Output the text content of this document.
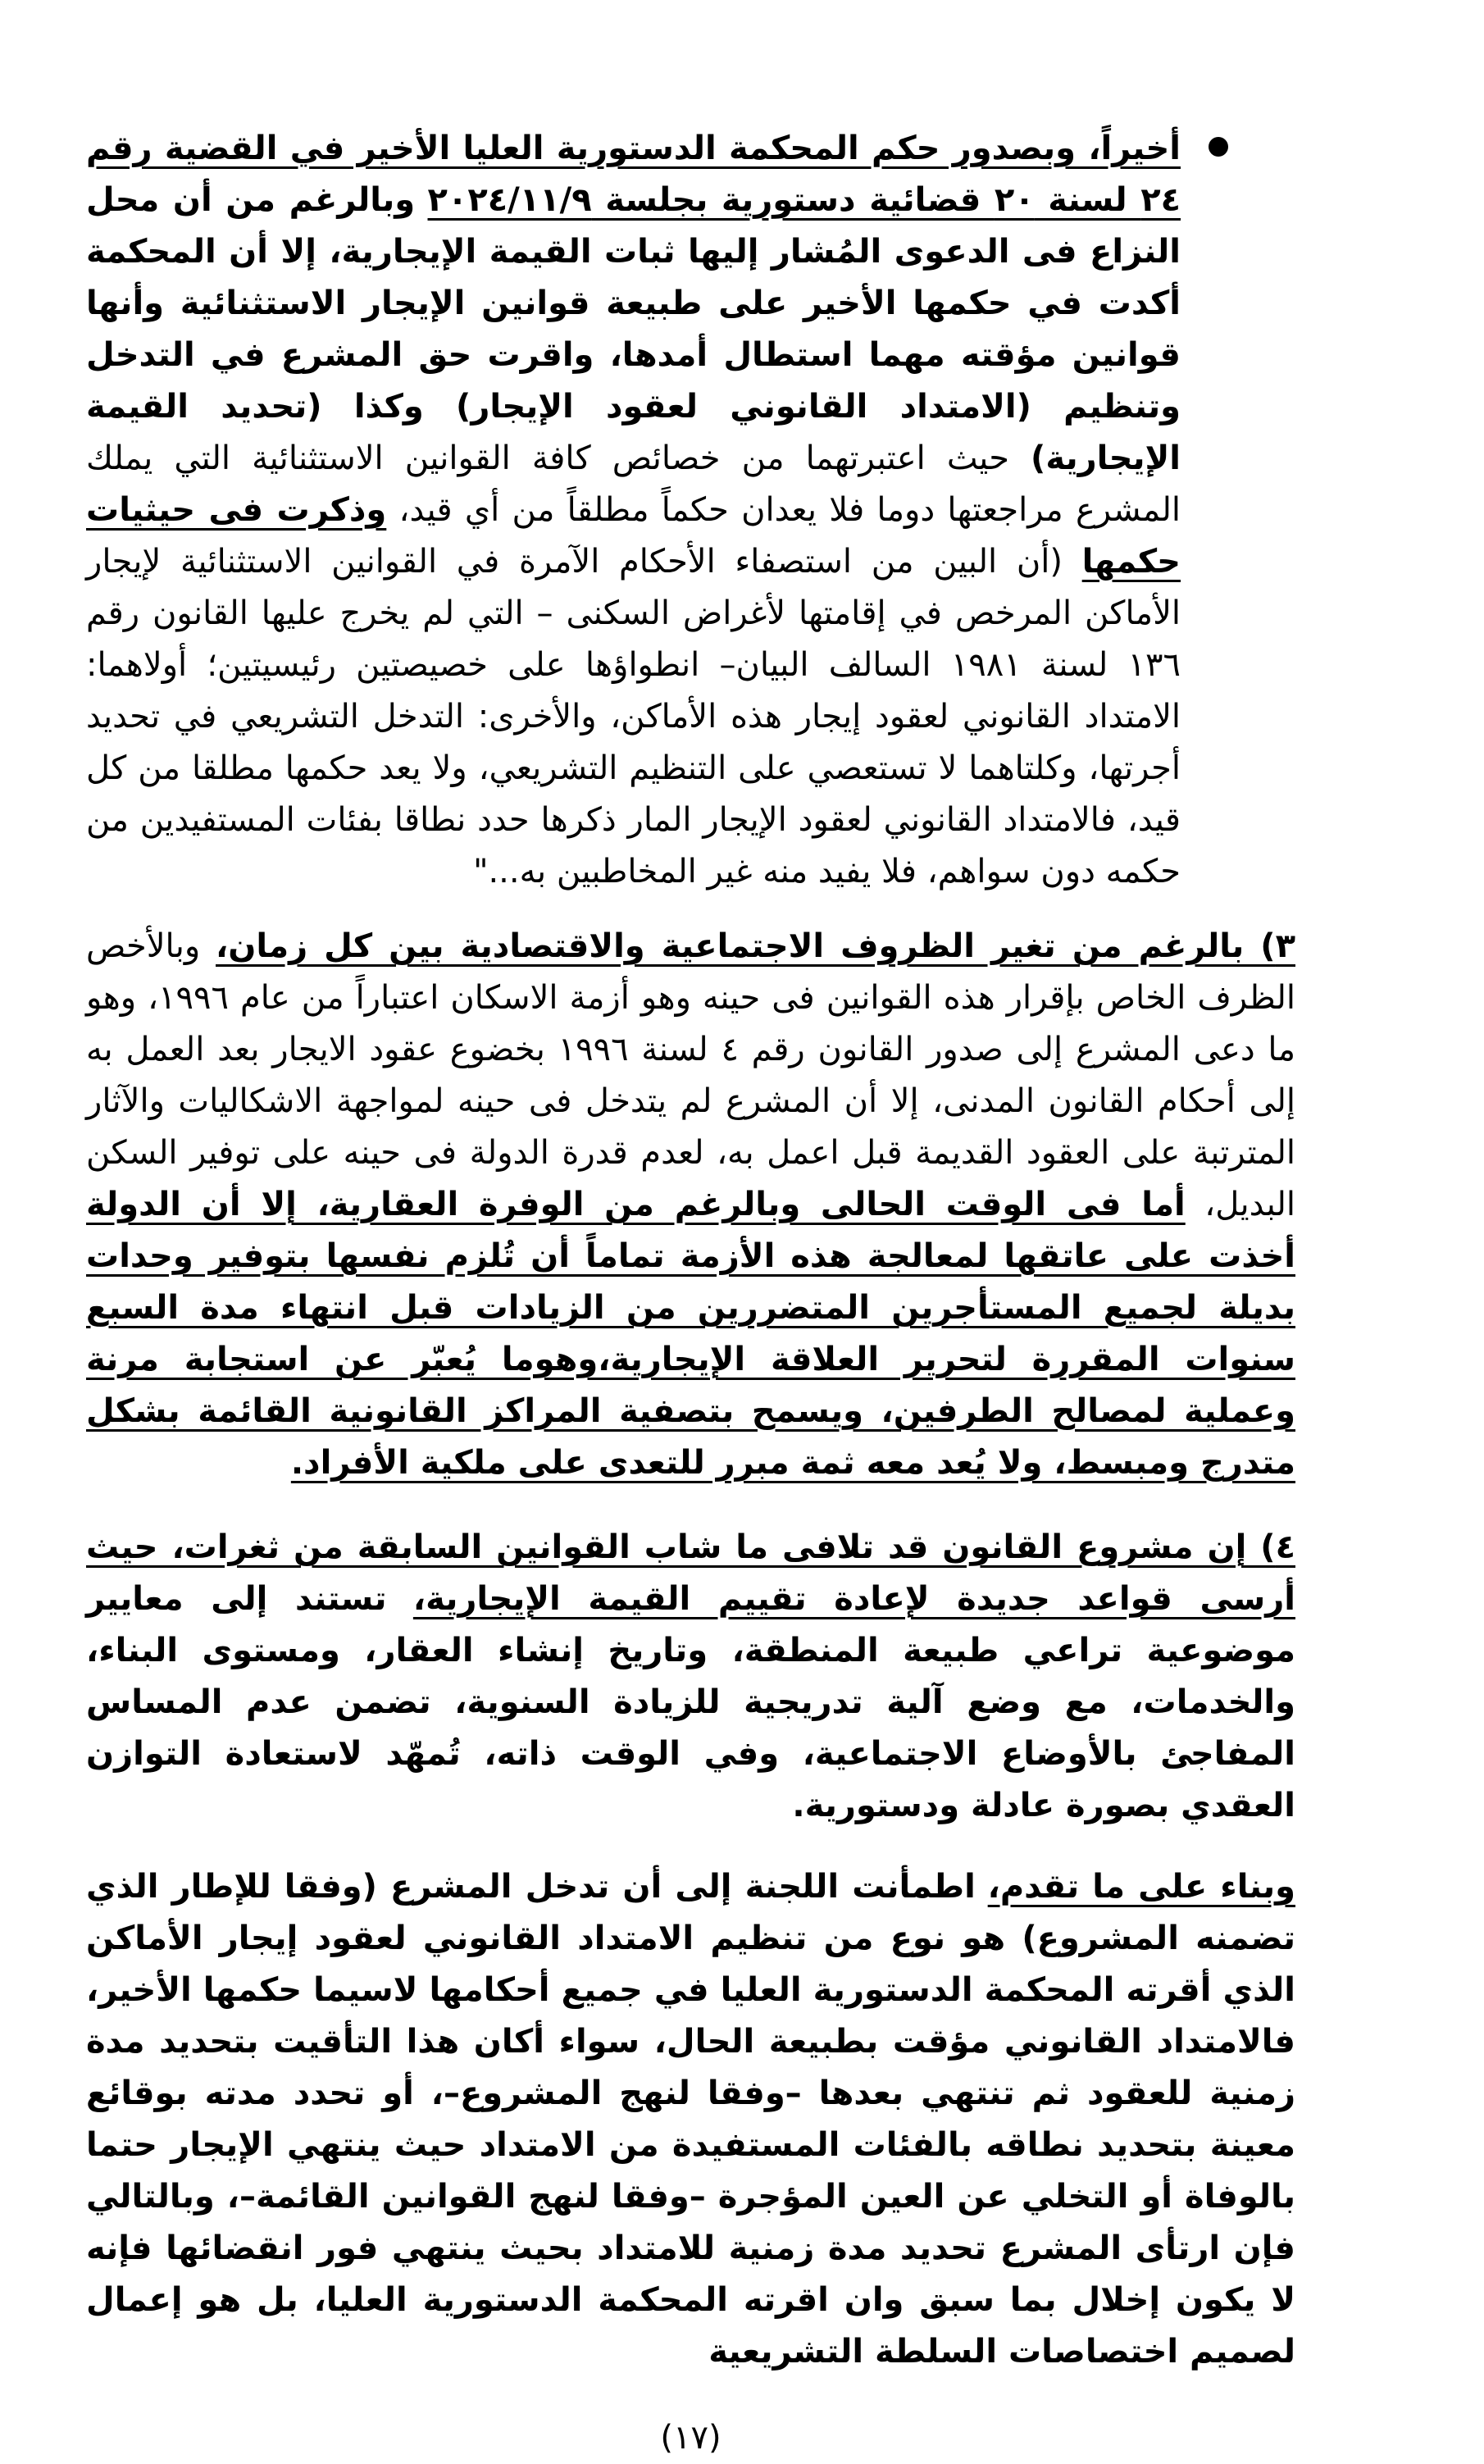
أخيراً، وبصدور حكم المحكمة الدستورية العليا الأخير في القضية رقم ٢٤ لسنة ٢٠ قضائية دستورية بجلسة ٢٠٢٤/١١/٩ وبالرغم من أن محل النزاع فى الدعوى المُشار إليها ثبات القيمة الإيجارية، إلا أن المحكمة أكدت في حكمها الأخير على طبيعة قوانين الإيجار الاستثنائية وأنها قوانين مؤقته مهما استطال أمدها، واقرت حق المشرع في التدخل وتنظيم (الامتداد القانوني لعقود الإيجار) وكذا (تحديد القيمة الإيجارية) حيث اعتبرتهما من خصائص كافة القوانين الاستثنائية التي يملك المشرع مراجعتها دوما فلا يعدان حكماً مطلقاً من أي قيد، وذكرت فى حيثيات حكمها (أن البين من استصفاء الأحكام الآمرة في القوانين الاستثنائية لإيجار الأماكن المرخص في إقامتها لأغراض السكنى – التي لم يخرج عليها القانون رقم ١٣٦ لسنة ١٩٨١ السالف البيان– انطواؤها على خصيصتين رئيسيتين؛ أولاهما: الامتداد القانوني لعقود إيجار هذه الأماكن، والأخرى: التدخل التشريعي في تحديد أجرتها، وكلتاهما لا تستعصي على التنظيم التشريعي، ولا يعد حكمها مطلقا من كل قيد، فالامتداد القانوني لعقود الإيجار المار ذكرها حدد نطاقا بفئات المستفيدين من حكمه دون سواهم، فلا يفيد منه غير المخاطبين به..."
٣) بالرغم من تغير الظروف الاجتماعية والاقتصادية بين كل زمان، وبالأخص الظرف الخاص بإقرار هذه القوانين فى حينه وهو أزمة الاسكان اعتباراً من عام ١٩٩٦، وهو ما دعى المشرع إلى صدور القانون رقم ٤ لسنة ١٩٩٦ بخضوع عقود الايجار بعد العمل به إلى أحكام القانون المدنى، إلا أن المشرع لم يتدخل فى حينه لمواجهة الاشكاليات والآثار المترتبة على العقود القديمة قبل اعمل به، لعدم قدرة الدولة فى حينه على توفير السكن البديل، أما فى الوقت الحالى وبالرغم من الوفرة العقارية، إلا أن الدولة أخذت على عاتقها لمعالجة هذه الأزمة تماماً أن تُلزم نفسها بتوفير وحدات بديلة لجميع المستأجرين المتضررين من الزيادات قبل انتهاء مدة السبع سنوات المقررة لتحرير العلاقة الإيجارية،وهوما يُعبّر عن استجابة مرنة وعملية لمصالح الطرفين، ويسمح بتصفية المراكز القانونية القائمة بشكل متدرج ومبسط، ولا يُعد معه ثمة مبرر للتعدى على ملكية الأفراد.
٤) إن مشروع القانون قد تلافى ما شاب القوانين السابقة من ثغرات، حيث أرسى قواعد جديدة لإعادة تقييم القيمة الإيجارية، تستند إلى معايير موضوعية تراعي طبيعة المنطقة، وتاريخ إنشاء العقار، ومستوى البناء، والخدمات، مع وضع آلية تدريجية للزيادة السنوية، تضمن عدم المساس المفاجئ بالأوضاع الاجتماعية، وفي الوقت ذاته، تُمهّد لاستعادة التوازن العقدي بصورة عادلة ودستورية.
وبناء على ما تقدم، اطمأنت اللجنة إلى أن تدخل المشرع (وفقا للإطار الذي تضمنه المشروع) هو نوع من تنظيم الامتداد القانوني لعقود إيجار الأماكن الذي أقرته المحكمة الدستورية العليا في جميع أحكامها لاسيما حكمها الأخير، فالامتداد القانوني مؤقت بطبيعة الحال، سواء أكان هذا التأقيت بتحديد مدة زمنية للعقود ثم تنتهي بعدها –وفقا لنهج المشروع–، أو تحدد مدته بوقائع معينة بتحديد نطاقه بالفئات المستفيدة من الامتداد حيث ينتهي الإيجار حتما بالوفاة أو التخلي عن العين المؤجرة –وفقا لنهج القوانين القائمة–، وبالتالي فإن ارتأى المشرع تحديد مدة زمنية للامتداد بحيث ينتهي فور انقضائها فإنه لا يكون إخلال بما سبق وان اقرته المحكمة الدستورية العليا، بل هو إعمال لصميم اختصاصات السلطة التشريعية
(١٧)
